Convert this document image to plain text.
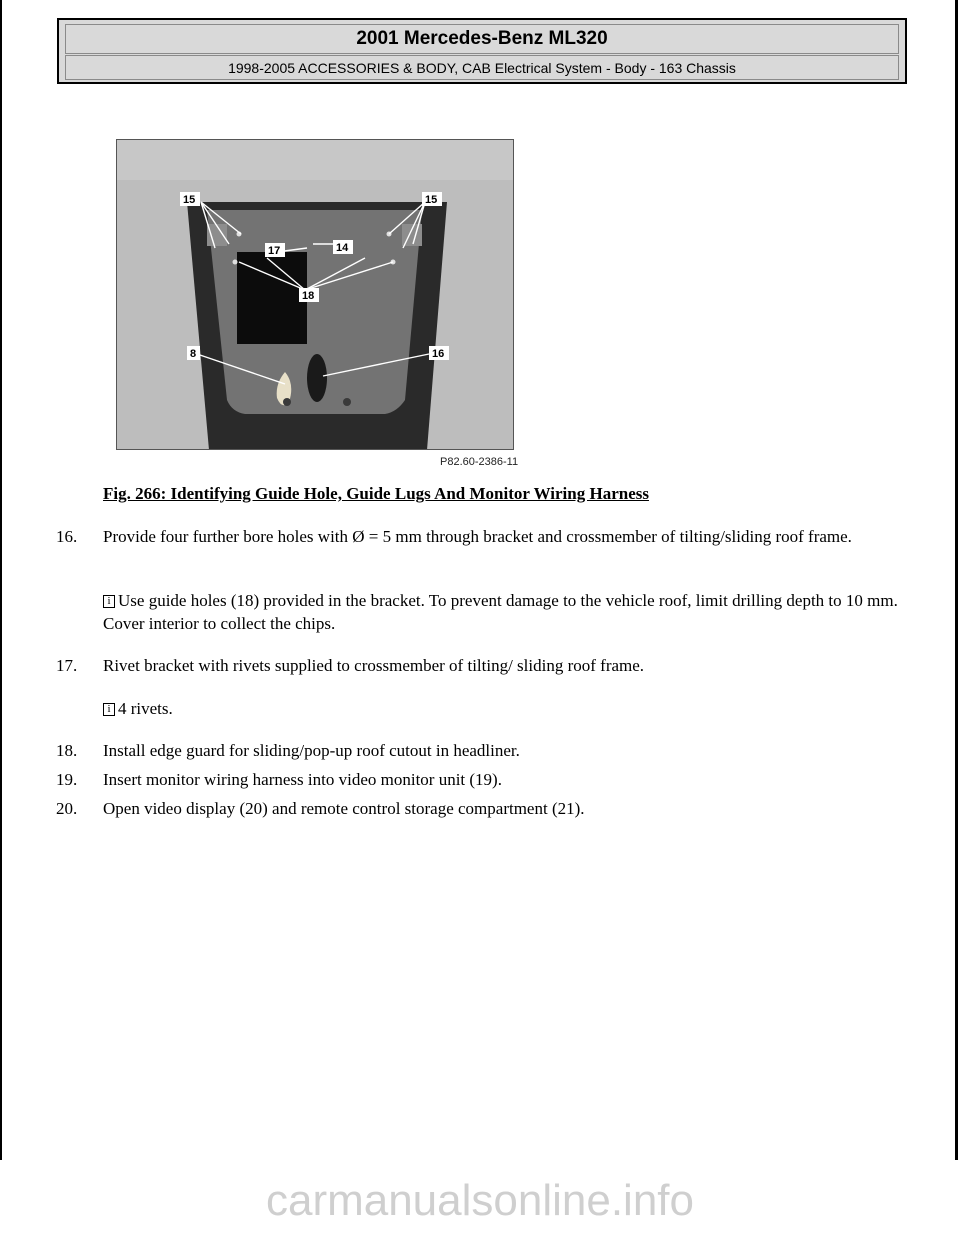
2001 Mercedes-Benz ML320
1998-2005 ACCESSORIES & BODY, CAB Electrical System - Body - 163 Chassis
15	15
17	14
18
8	16
P82.60-2386-11
Fig. 266: Identifying Guide Hole, Guide Lugs And Monitor Wiring Harness
16. Provide four further bore holes with Ø = 5 mm through bracket and crossmember of tilting/sliding roof frame.
i Use guide holes (18) provided in the bracket. To prevent damage to the vehicle roof, limit drilling depth to 10 mm. Cover interior to collect the chips.
17. Rivet bracket with rivets supplied to crossmember of tilting/ sliding roof frame.
i 4 rivets.
18. Install edge guard for sliding/pop-up roof cutout in headliner.
19. Insert monitor wiring harness into video monitor unit (19).
20. Open video display (20) and remote control storage compartment (21).
carmanualsonline.info
